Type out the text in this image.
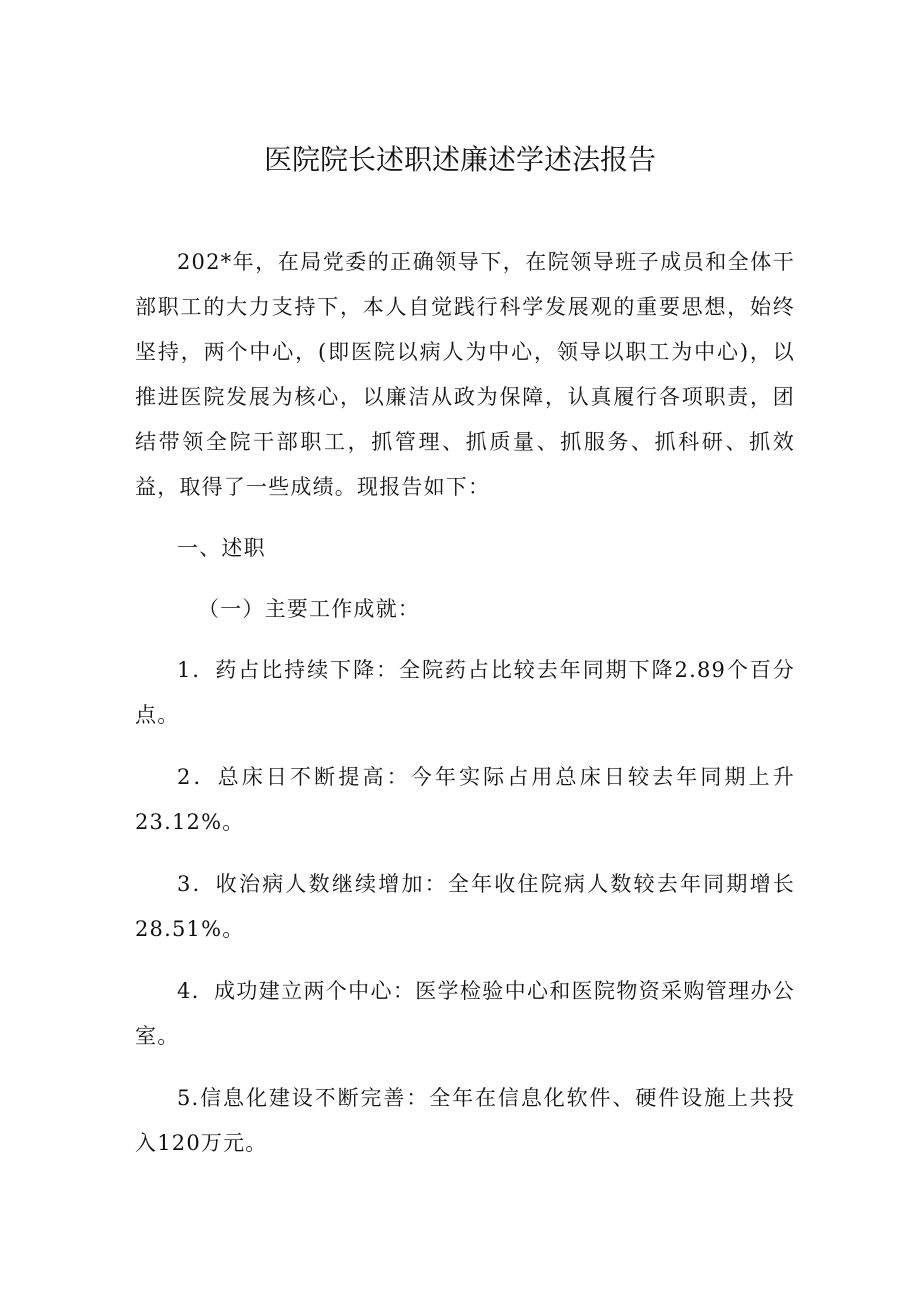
医院院长述职述廉述学述法报告

202*年，在局党委的正确领导下，在院领导班子成员和全体干部职工的大力支持下，本人自觉践行科学发展观的重要思想，始终坚持，两个中心，(即医院以病人为中心，领导以职工为中心)，以推进医院发展为核心，以廉洁从政为保障，认真履行各项职责，团结带领全院干部职工，抓管理、抓质量、抓服务、抓科研、抓效益，取得了一些成绩。现报告如下：

一、述职

（一）主要工作成就：

1．药占比持续下降：全院药占比较去年同期下降2.89个百分点。

2．总床日不断提高：今年实际占用总床日较去年同期上升23.12%。

3．收治病人数继续增加：全年收住院病人数较去年同期增长28.51%。

4．成功建立两个中心：医学检验中心和医院物资采购管理办公室。

5.信息化建设不断完善：全年在信息化软件、硬件设施上共投入120万元。
